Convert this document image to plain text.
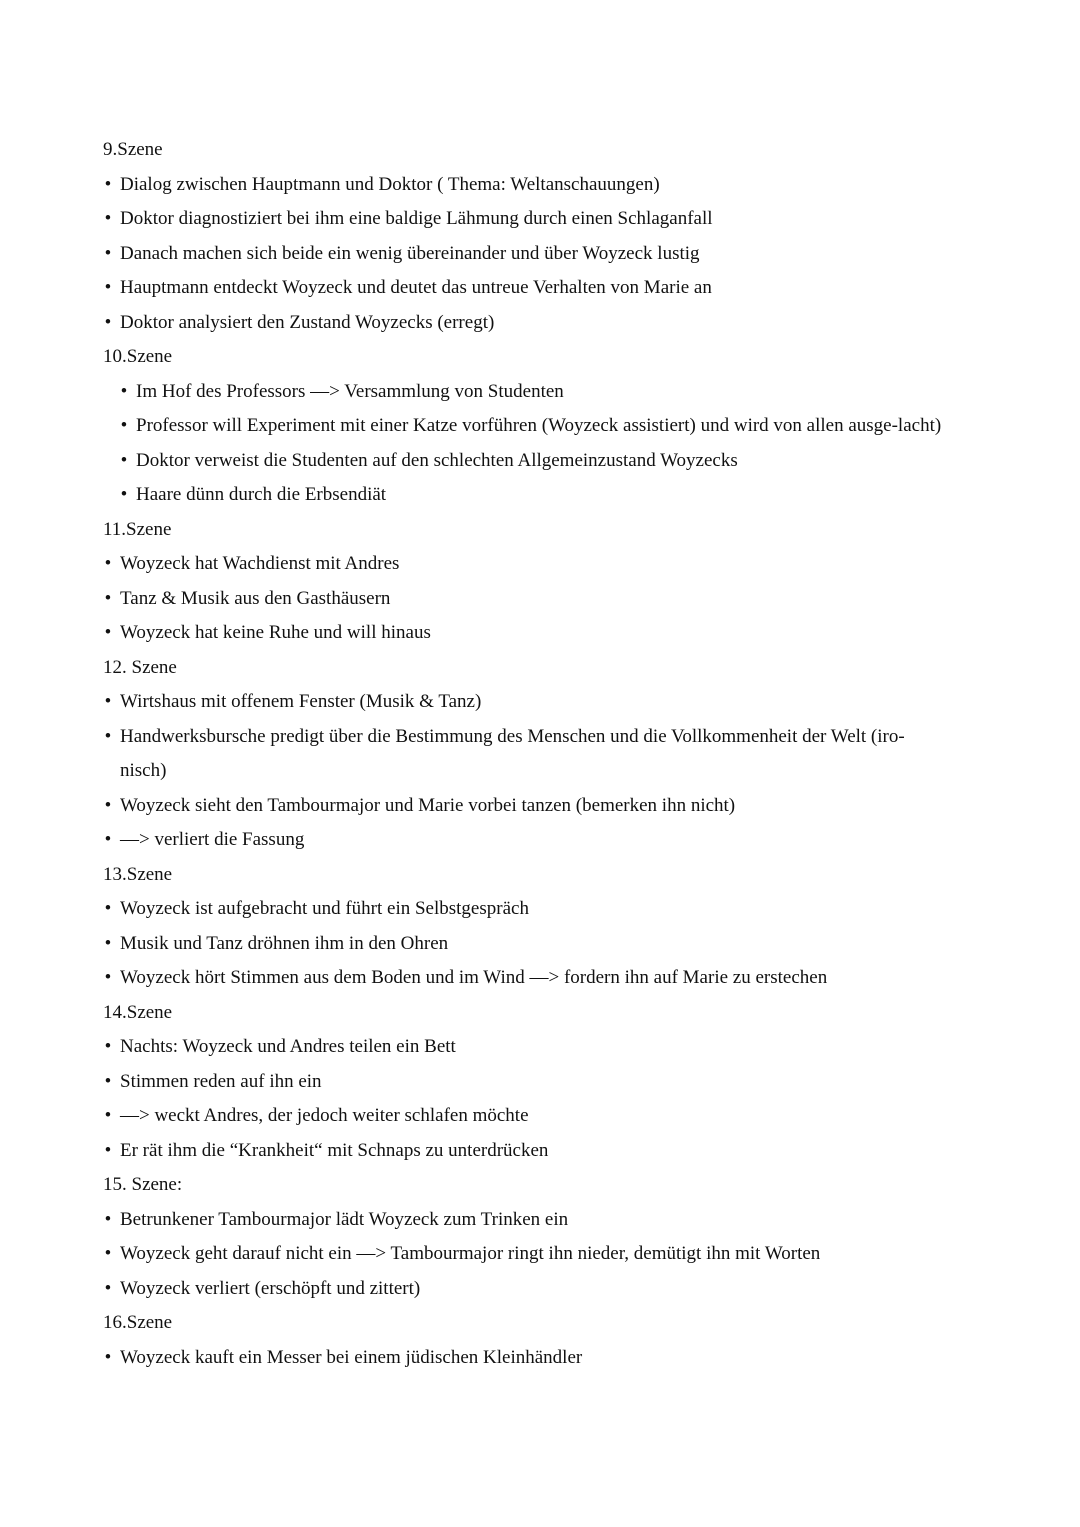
9.Szene
• Dialog zwischen Hauptmann und Doktor ( Thema: Weltanschauungen)
• Doktor diagnostiziert bei ihm eine baldige Lähmung durch einen Schlaganfall
• Danach machen sich beide ein wenig übereinander und über Woyzeck lustig
• Hauptmann entdeckt Woyzeck und deutet das untreue Verhalten von Marie an
• Doktor analysiert den Zustand Woyzecks (erregt)
10.Szene
• Im Hof des Professors —> Versammlung von Studenten
• Professor will Experiment mit einer Katze vorführen (Woyzeck assistiert) und wird von allen ausge-lacht)
• Doktor verweist die Studenten auf den schlechten Allgemeinzustand Woyzecks
• Haare dünn durch die Erbsendiät
11.Szene
• Woyzeck hat Wachdienst mit Andres
• Tanz & Musik aus den Gasthäusern
• Woyzeck hat keine Ruhe und will hinaus
12. Szene
• Wirtshaus mit offenem Fenster (Musik & Tanz)
• Handwerksbursche predigt über die Bestimmung des Menschen und die Vollkommenheit der Welt (iro-nisch)
• Woyzeck sieht den Tambourmajor und Marie vorbei tanzen (bemerken ihn nicht)
• —> verliert die Fassung
13.Szene
• Woyzeck ist aufgebracht und führt ein Selbstgespräch
• Musik und Tanz dröhnen ihm in den Ohren
• Woyzeck hört Stimmen aus dem Boden und im Wind —> fordern ihn auf Marie zu erstechen
14.Szene
• Nachts: Woyzeck und Andres teilen ein Bett
• Stimmen reden auf ihn ein
• —> weckt Andres, der jedoch weiter schlafen möchte
• Er rät ihm die “Krankheit“ mit Schnaps zu unterdrücken
15. Szene:
• Betrunkener Tambourmajor lädt Woyzeck zum Trinken ein
• Woyzeck geht darauf nicht ein —> Tambourmajor ringt ihn nieder, demütigt ihn mit Worten
• Woyzeck verliert (erschöpft und zittert)
16.Szene
• Woyzeck kauft ein Messer bei einem jüdischen Kleinhändler
